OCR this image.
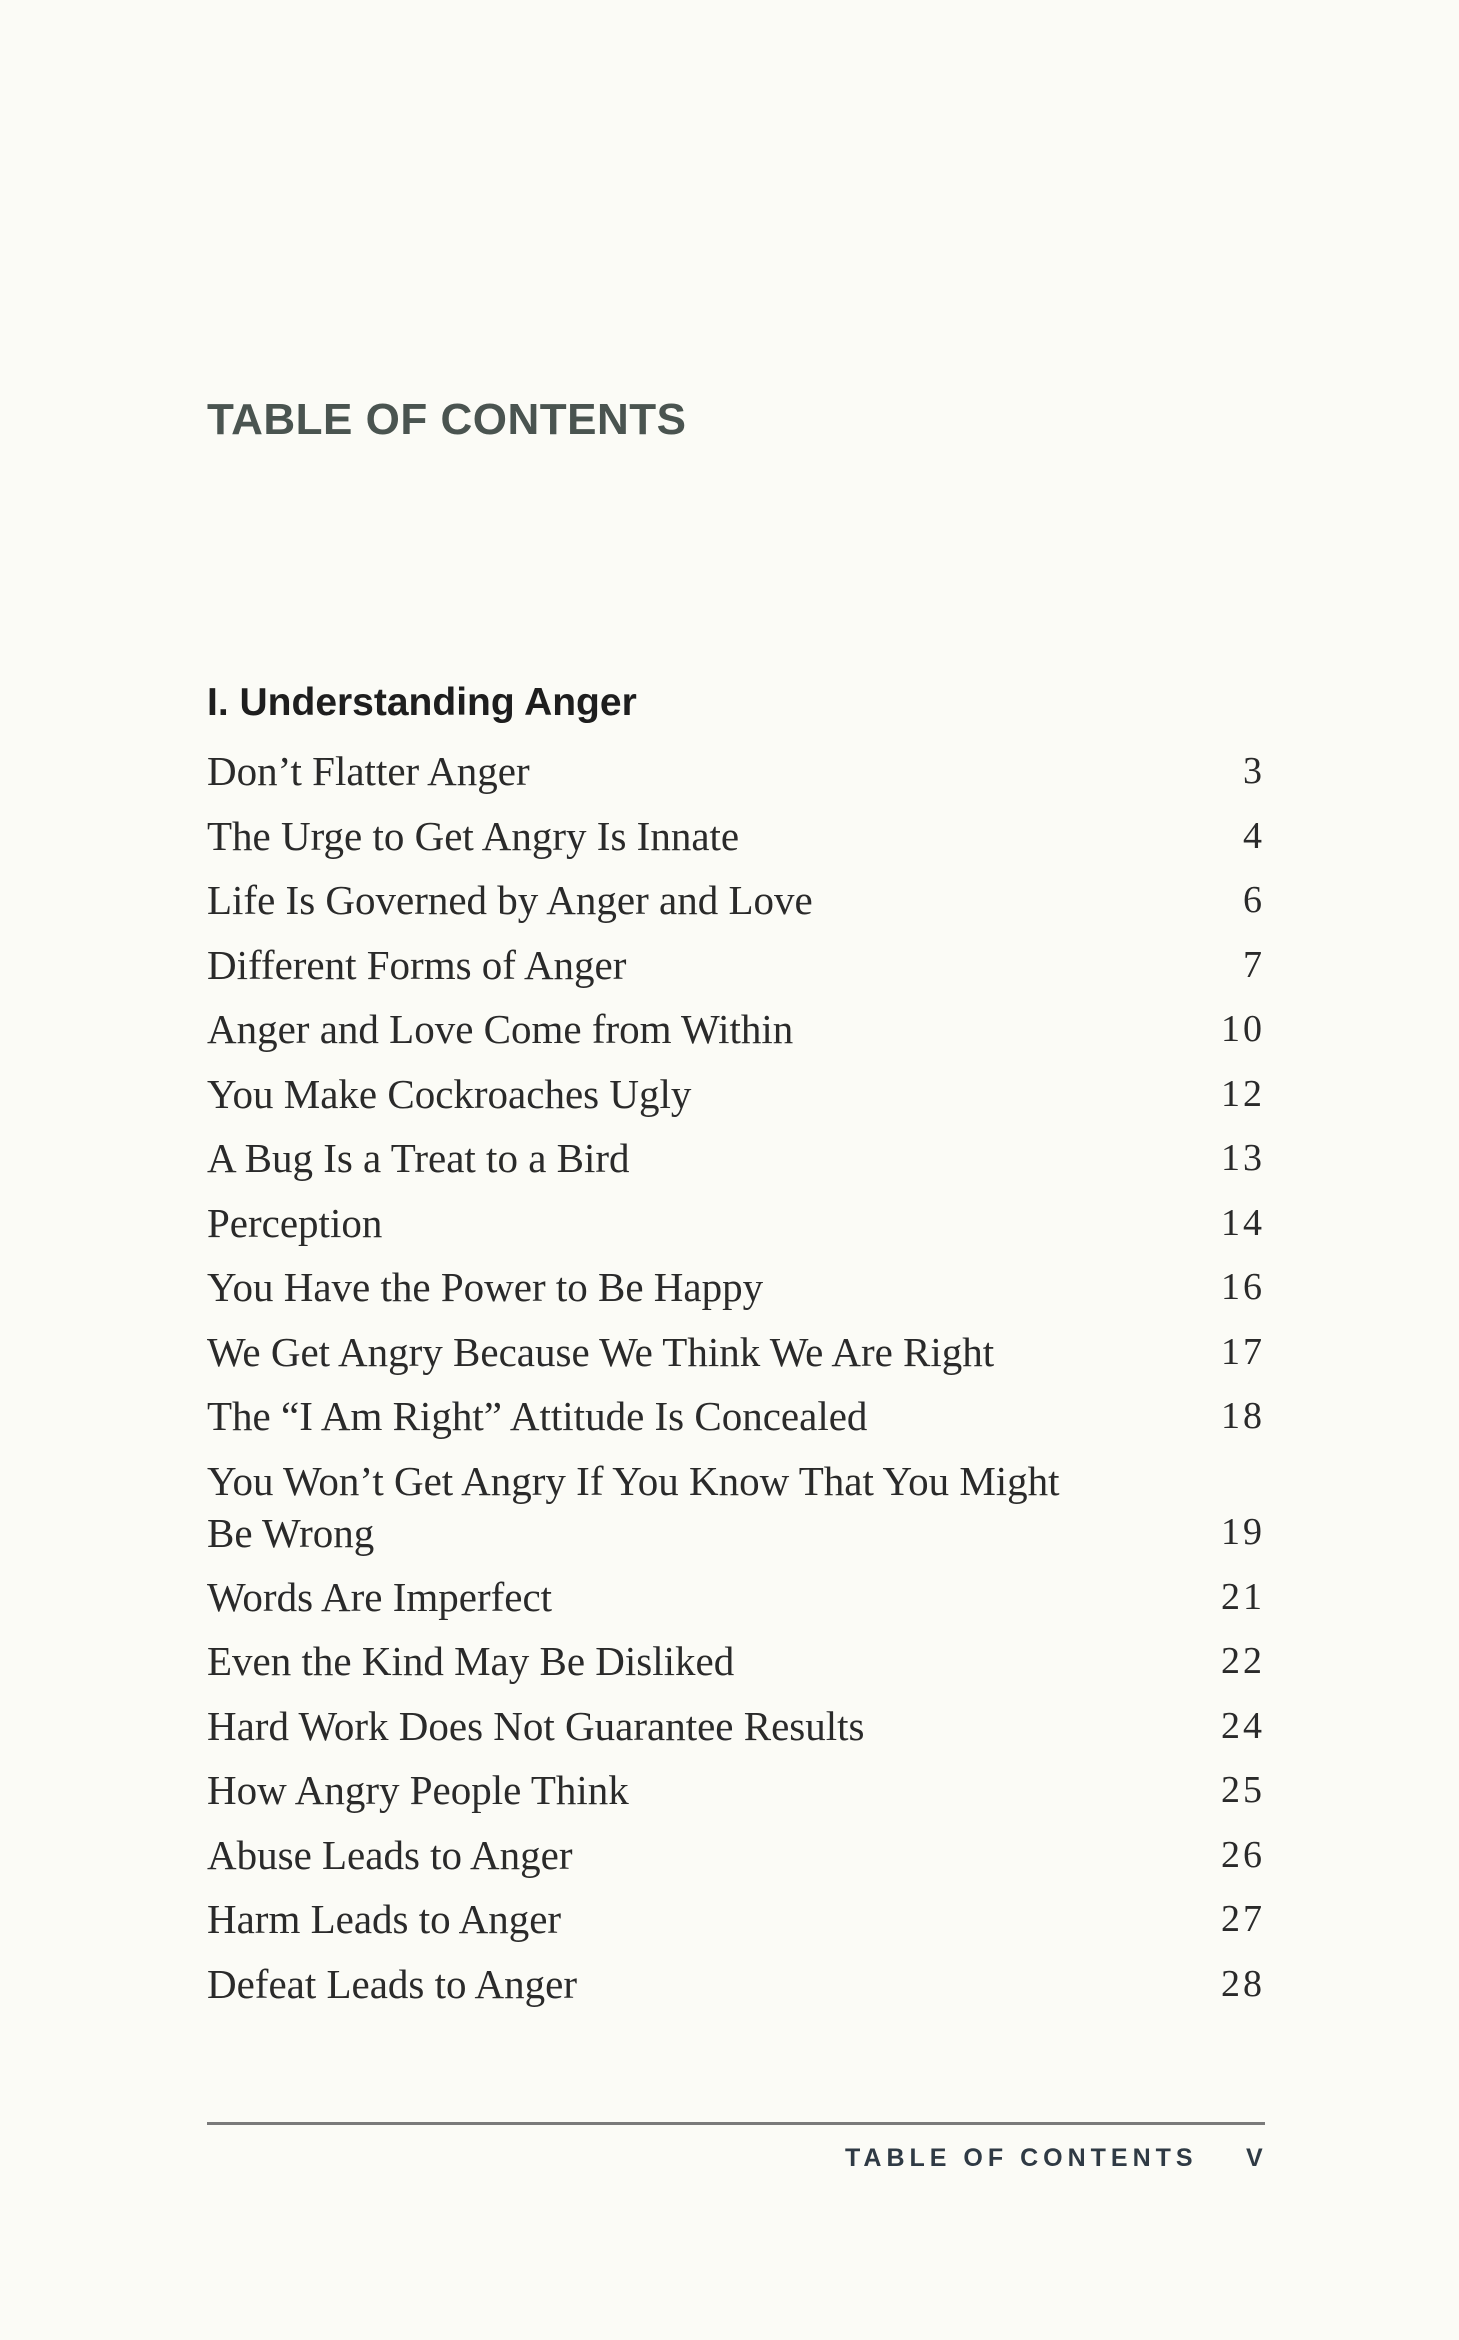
TABLE OF CONTENTS
I. Understanding Anger
Don’t Flatter Anger	3
The Urge to Get Angry Is Innate	4
Life Is Governed by Anger and Love	6
Different Forms of Anger	7
Anger and Love Come from Within	10
You Make Cockroaches Ugly	12
A Bug Is a Treat to a Bird	13
Perception	14
You Have the Power to Be Happy	16
We Get Angry Because We Think We Are Right	17
The “I Am Right” Attitude Is Concealed	18
You Won’t Get Angry If You Know That You Might Be Wrong	19
Words Are Imperfect	21
Even the Kind May Be Disliked	22
Hard Work Does Not Guarantee Results	24
How Angry People Think	25
Abuse Leads to Anger	26
Harm Leads to Anger	27
Defeat Leads to Anger	28
TABLE OF CONTENTS V
